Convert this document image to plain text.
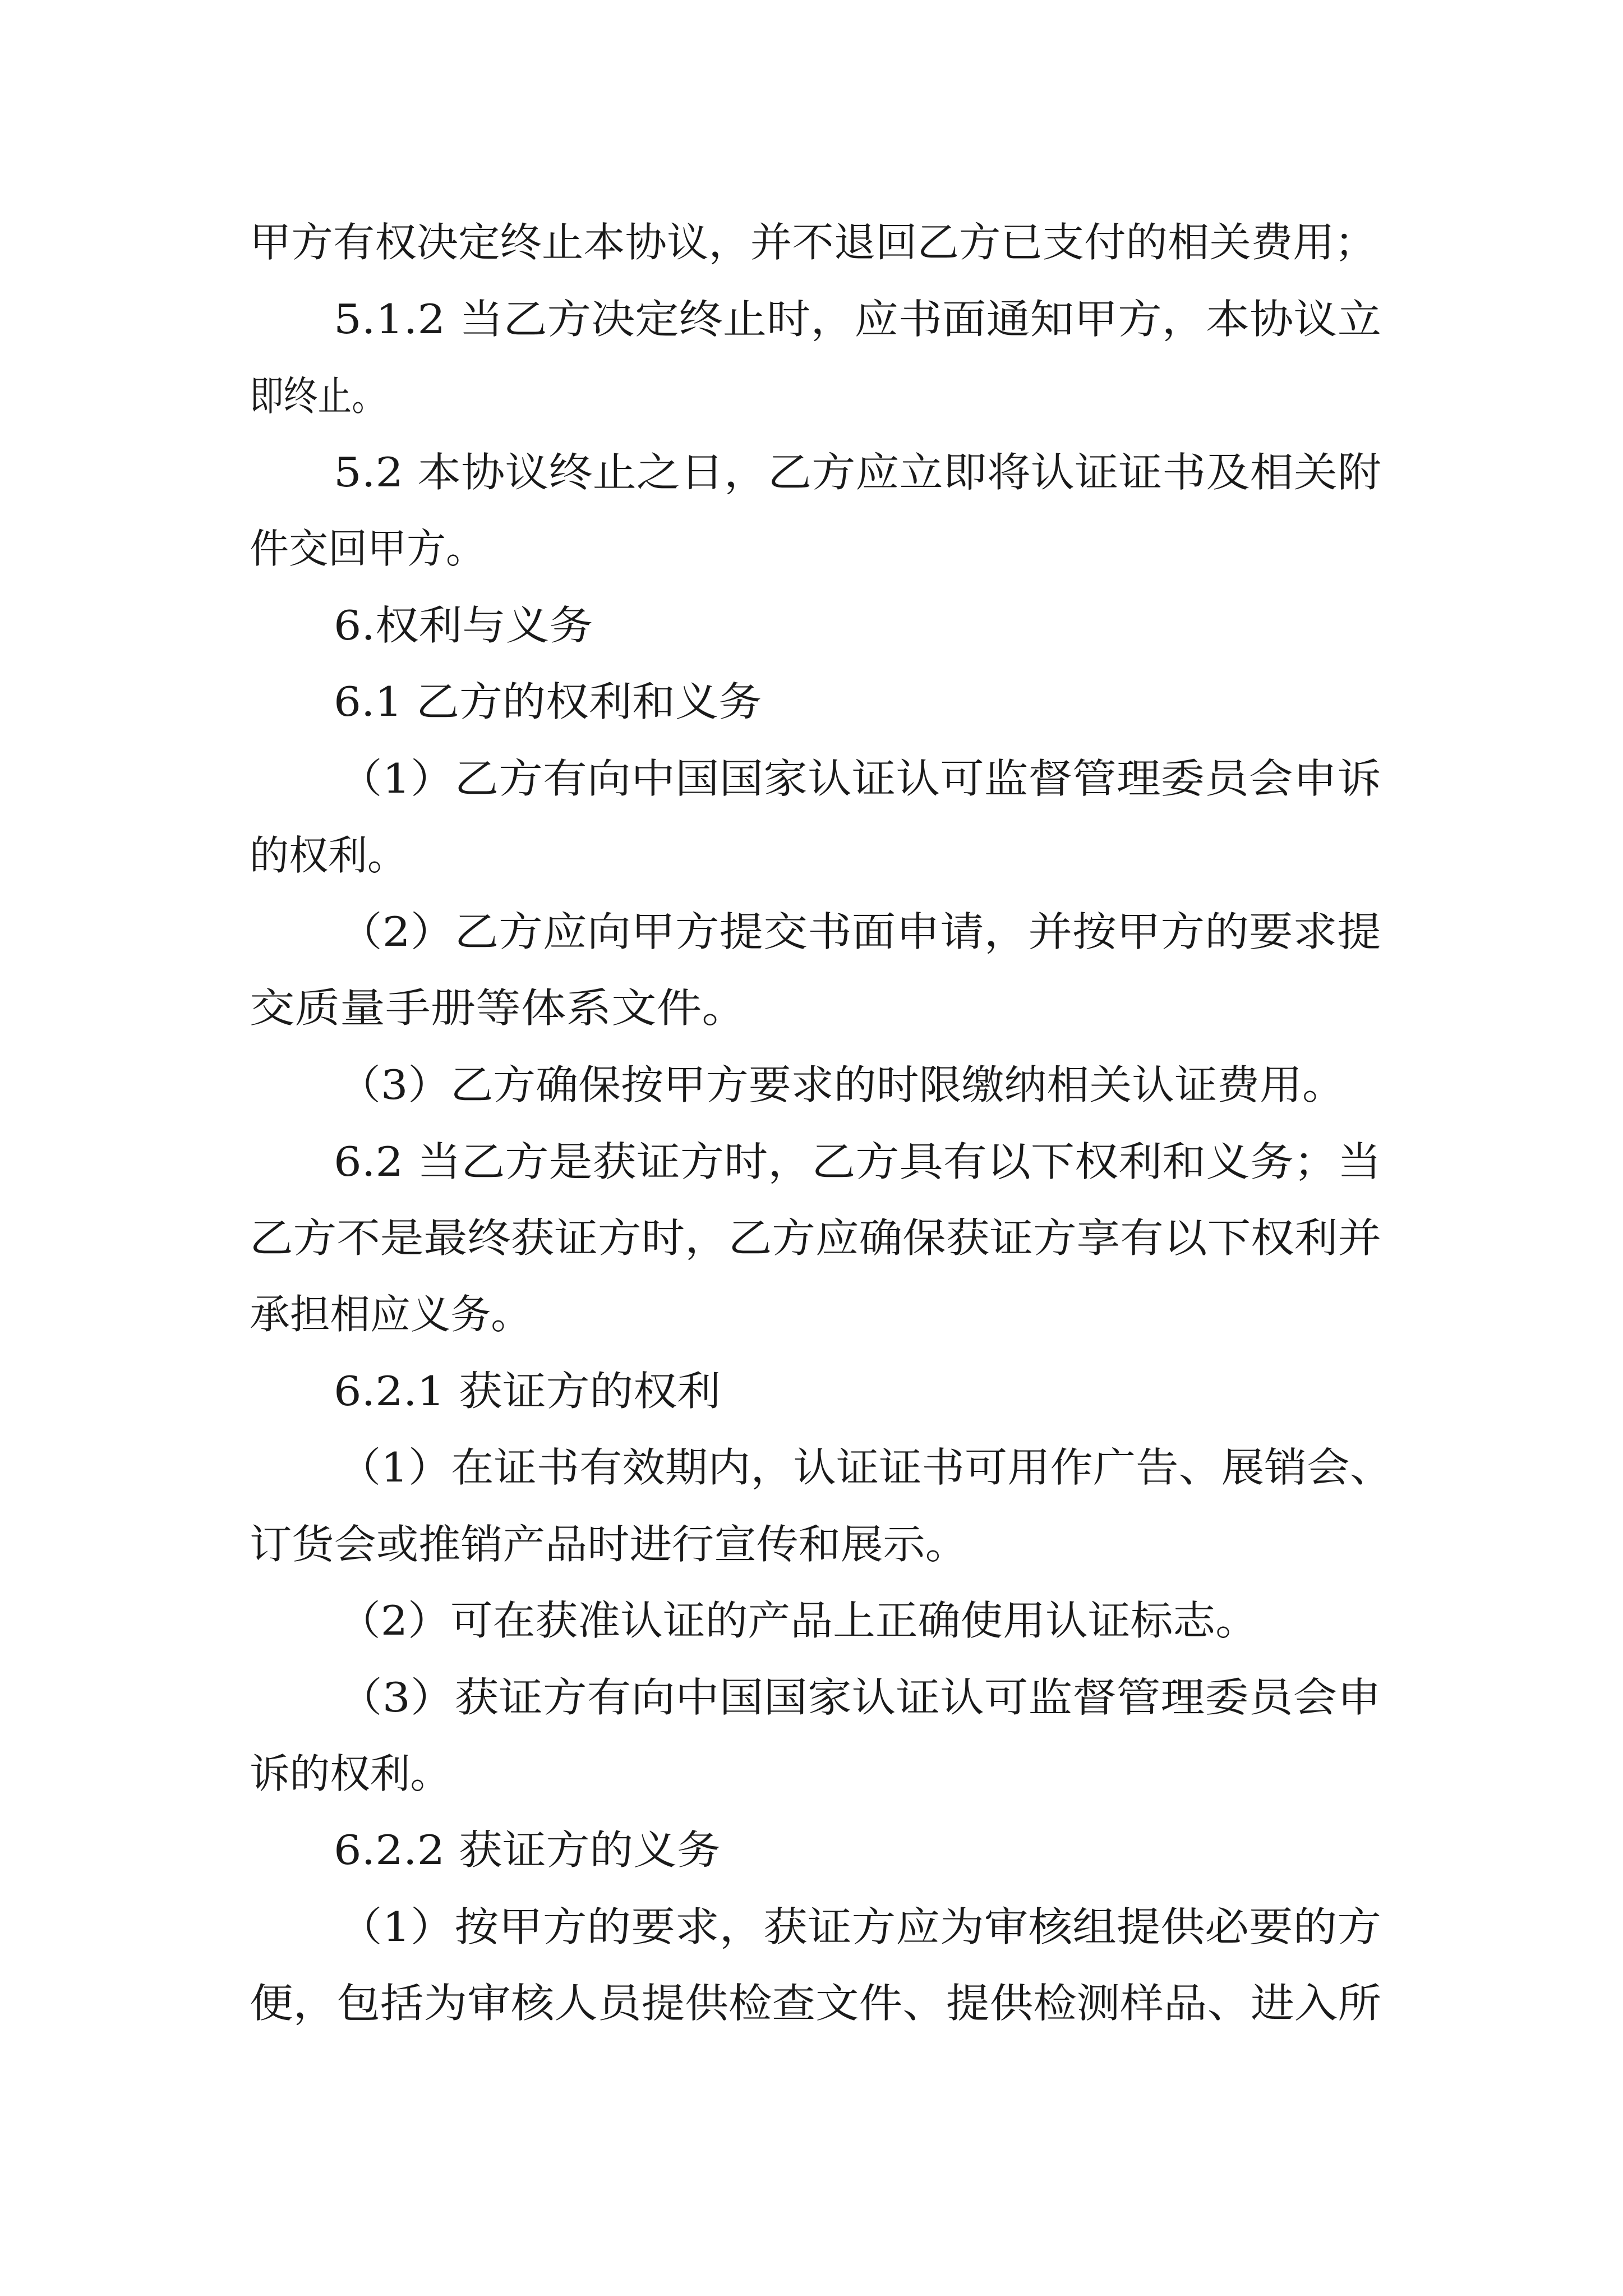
甲方有权决定终止本协议，并不退回乙方已支付的相关费用；
5.1.2 当乙方决定终止时，应书面通知甲方，本协议立
即终止。
5.2 本协议终止之日，乙方应立即将认证证书及相关附
件交回甲方。
6.权利与义务
6.1 乙方的权利和义务
（1）乙方有向中国国家认证认可监督管理委员会申诉
的权利。
（2）乙方应向甲方提交书面申请，并按甲方的要求提
交质量手册等体系文件。
（3）乙方确保按甲方要求的时限缴纳相关认证费用。
6.2 当乙方是获证方时，乙方具有以下权利和义务；当
乙方不是最终获证方时，乙方应确保获证方享有以下权利并
承担相应义务。
6.2.1 获证方的权利
（1）在证书有效期内，认证证书可用作广告、展销会、
订货会或推销产品时进行宣传和展示。
（2）可在获准认证的产品上正确使用认证标志。
（3）获证方有向中国国家认证认可监督管理委员会申
诉的权利。
6.2.2 获证方的义务
（1）按甲方的要求，获证方应为审核组提供必要的方
便，包括为审核人员提供检查文件、提供检测样品、进入所
